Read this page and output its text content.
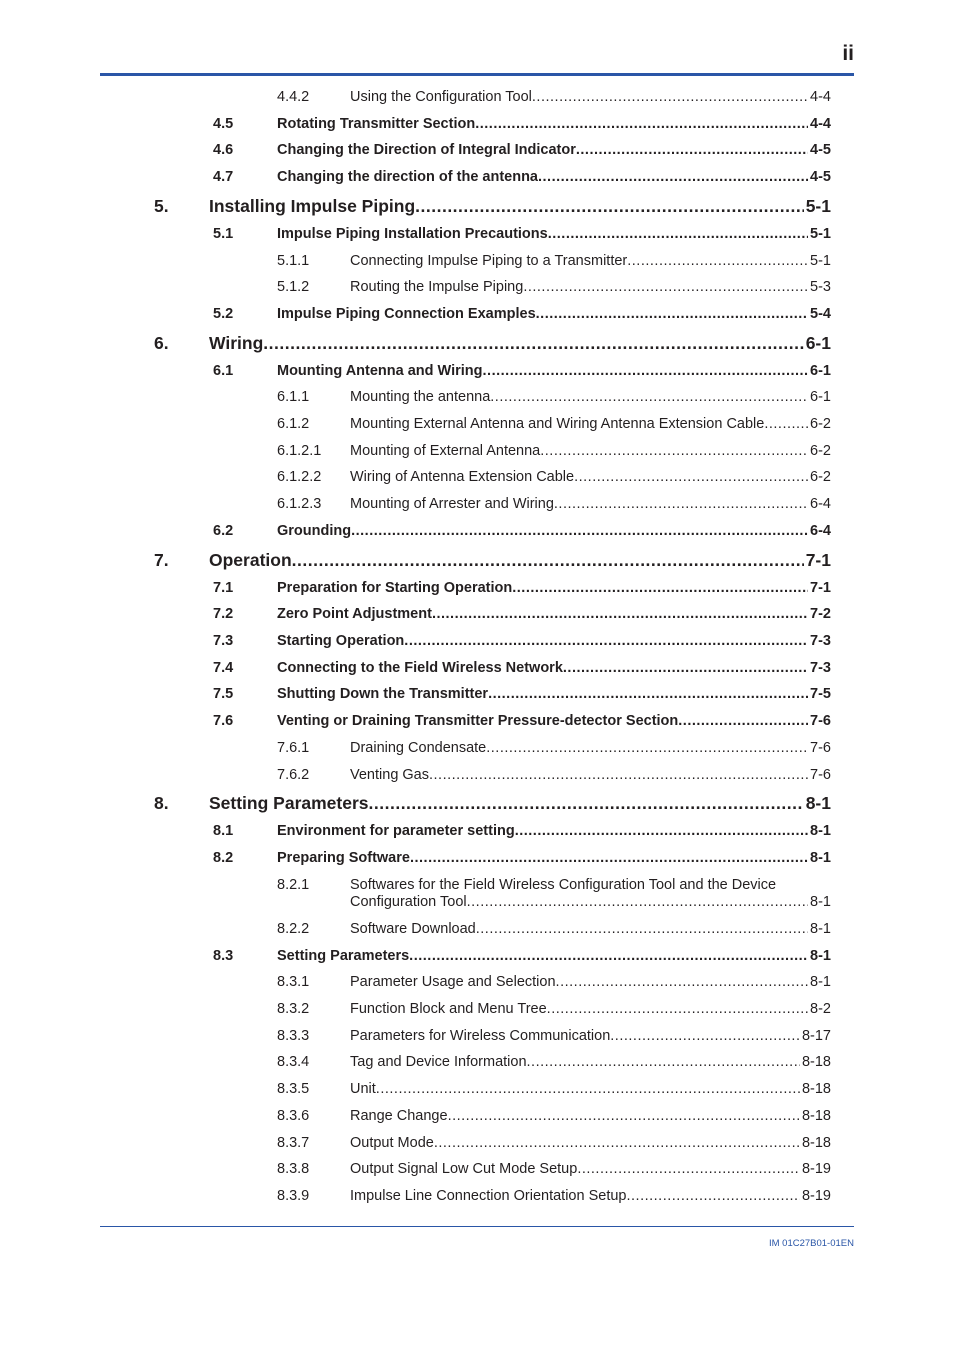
ii
4.4.2	Using the Configuration Tool .....	4-4
4.5	Rotating Transmitter Section .....	4-4
4.6	Changing the Direction of Integral Indicator .....	4-5
4.7	Changing the direction of the antenna .....	4-5
5. Installing Impulse Piping .....	5-1
5.1	Impulse Piping Installation Precautions .....	5-1
5.1.1	Connecting Impulse Piping to a Transmitter .....	5-1
5.1.2	Routing the Impulse Piping .....	5-3
5.2	Impulse Piping Connection Examples .....	5-4
6. Wiring .....	6-1
6.1	Mounting Antenna and Wiring .....	6-1
6.1.1	Mounting the antenna .....	6-1
6.1.2	Mounting External Antenna and Wiring Antenna Extension Cable .....	6-2
6.1.2.1 Mounting of External Antenna .....	6-2
6.1.2.2 Wiring of Antenna Extension Cable .....	6-2
6.1.2.3 Mounting of Arrester and Wiring .....	6-4
6.2	Grounding .....	6-4
7. Operation .....	7-1
7.1	Preparation for Starting Operation .....	7-1
7.2	Zero Point Adjustment .....	7-2
7.3	Starting Operation .....	7-3
7.4	Connecting to the Field Wireless Network .....	7-3
7.5	Shutting Down the Transmitter .....	7-5
7.6	Venting or Draining Transmitter Pressure-detector Section .....	7-6
7.6.1	Draining Condensate .....	7-6
7.6.2	Venting Gas .....	7-6
8. Setting Parameters .....	8-1
8.1	Environment for parameter setting .....	8-1
8.2	Preparing Software .....	8-1
8.2.1	Softwares for the Field Wireless Configuration Tool and the Device
Configuration Tool .....	8-1
8.2.2	Software Download .....	8-1
8.3	Setting Parameters .....	8-1
8.3.1	Parameter Usage and Selection .....	8-1
8.3.2	Function Block and Menu Tree .....	8-2
8.3.3	Parameters for Wireless Communication .....	8-17
8.3.4	Tag and Device Information .....	8-18
8.3.5	Unit .....	8-18
8.3.6	Range Change .....	8-18
8.3.7	Output Mode .....	8-18
8.3.8	Output Signal Low Cut Mode Setup .....	8-19
8.3.9	Impulse Line Connection Orientation Setup .....	8-19
IM 01C27B01-01EN
